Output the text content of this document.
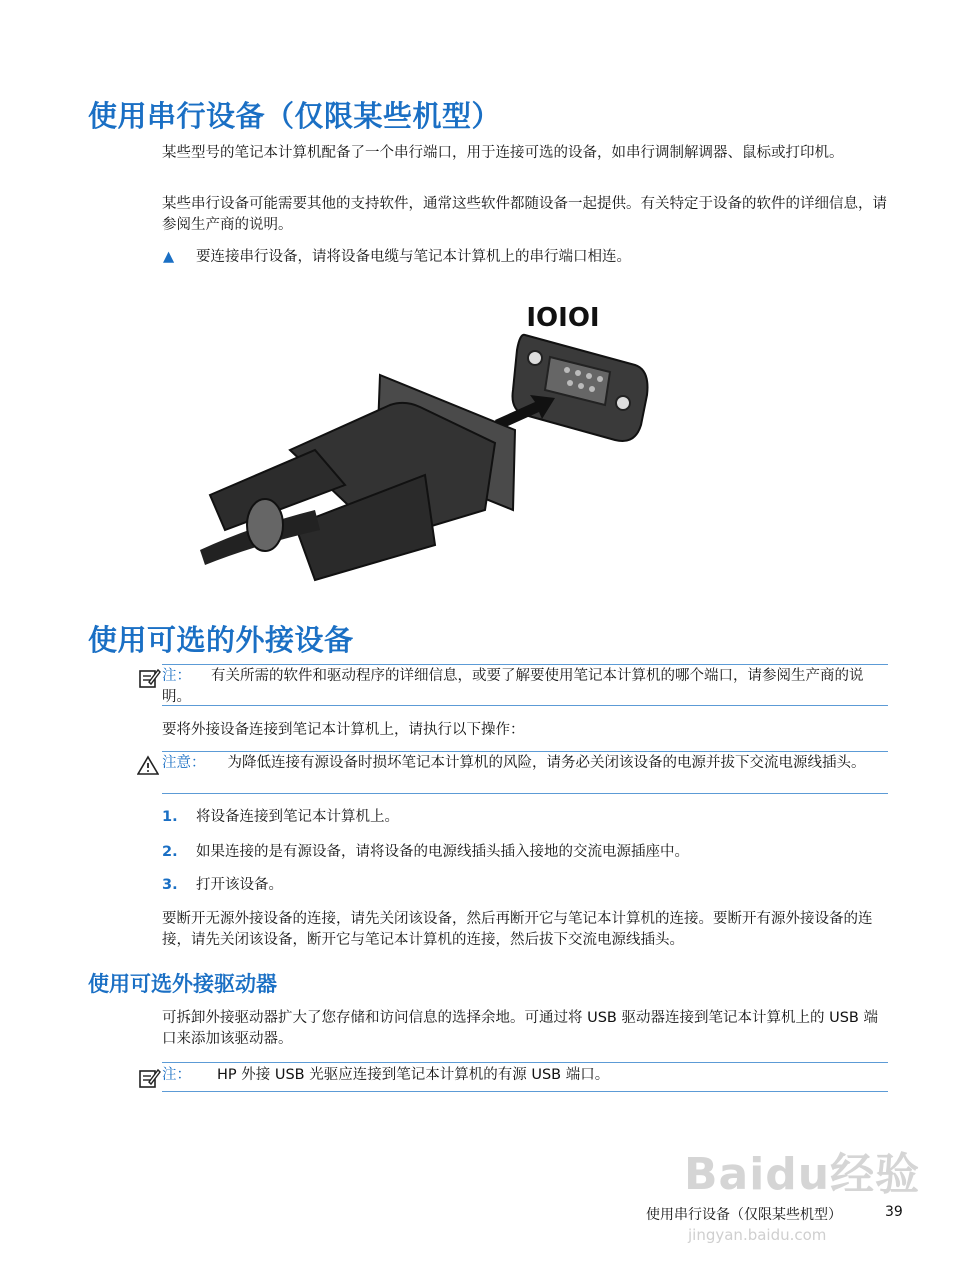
使用串行设备（仅限某些机型）
某些型号的笔记本计算机配备了一个串行端口，用于连接可选的设备，如串行调制解调器、鼠标或打印机。
某些串行设备可能需要其他的支持软件，通常这些软件都随设备一起提供。有关特定于设备的软件的详细信息，请参阅生产商的说明。
▲ 要连接串行设备，请将设备电缆与笔记本计算机上的串行端口相连。
IOIOI
使用可选的外接设备
注： 有关所需的软件和驱动程序的详细信息，或要了解要使用笔记本计算机的哪个端口，请参阅生产商的说明。
要将外接设备连接到笔记本计算机上，请执行以下操作：
注意： 为降低连接有源设备时损坏笔记本计算机的风险，请务必关闭该设备的电源并拔下交流电源线插头。
1. 将设备连接到笔记本计算机上。
2. 如果连接的是有源设备，请将设备的电源线插头插入接地的交流电源插座中。
3. 打开该设备。
要断开无源外接设备的连接，请先关闭该设备，然后再断开它与笔记本计算机的连接。要断开有源外接设备的连接，请先关闭该设备，断开它与笔记本计算机的连接，然后拔下交流电源线插头。
使用可选外接驱动器
可拆卸外接驱动器扩大了您存储和访问信息的选择余地。可通过将 USB 驱动器连接到笔记本计算机上的 USB 端口来添加该驱动器。
注： HP 外接 USB 光驱应连接到笔记本计算机的有源 USB 端口。
Baidu经验
jingyan.baidu.com
使用串行设备（仅限某些机型）	39
